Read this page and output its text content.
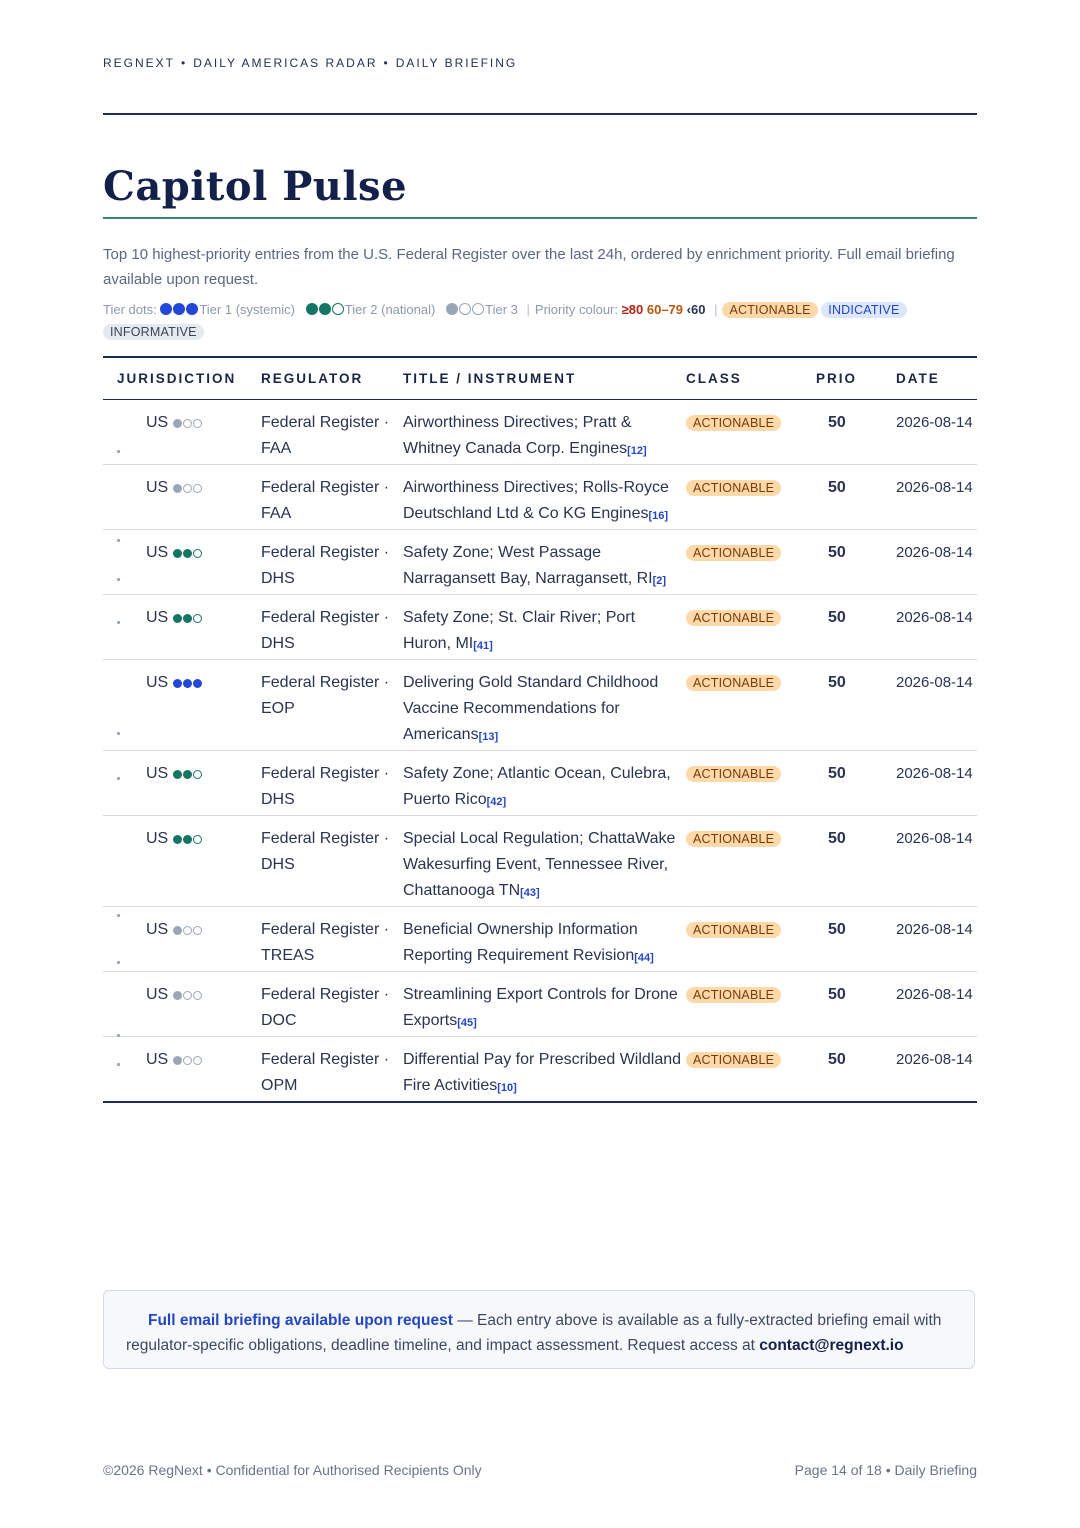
REGNEXT • DAILY AMERICAS RADAR • DAILY BRIEFING
Capitol Pulse
Top 10 highest-priority entries from the U.S. Federal Register over the last 24h, ordered by enrichment priority. Full email briefing available upon request.
Tier dots:	Tier 1 (systemic)	Tier 2 (national)	Tier 3 | Priority colour: ≥80 60–79 ‹60 | ACTIONABLE INDICATIVE
INFORMATIVE
JURISDICTION	REGULATOR	TITLE / INSTRUMENT	CLASS	PRIO	DATE

US	Federal Register · FAA	Airworthiness Directives; Pratt & Whitney Canada Corp. Engines[12]	ACTIONABLE	50	2026-08-14

US	Federal Register · FAA	Airworthiness Directives; Rolls-Royce Deutschland Ltd & Co KG Engines[16]	ACTIONABLE	50	2026-08-14

US	Federal Register · DHS	Safety Zone; West Passage Narragansett Bay, Narragansett, RI[2]	ACTIONABLE	50	2026-08-14

US	Federal Register · DHS	Safety Zone; St. Clair River; Port Huron, MI[41]	ACTIONABLE	50	2026-08-14

US	Federal Register · EOP	Delivering Gold Standard Childhood Vaccine Recommendations for Americans[13]	ACTIONABLE	50	2026-08-14

US	Federal Register · DHS	Safety Zone; Atlantic Ocean, Culebra, Puerto Rico[42]	ACTIONABLE	50	2026-08-14

US	Federal Register · DHS	Special Local Regulation; ChattaWake Wakesurfing Event, Tennessee River, Chattanooga TN[43]	ACTIONABLE	50	2026-08-14

US	Federal Register · TREAS	Beneficial Ownership Information Reporting Requirement Revision[44]	ACTIONABLE	50	2026-08-14

US	Federal Register · DOC	Streamlining Export Controls for Drone Exports[45]	ACTIONABLE	50	2026-08-14

US	Federal Register · OPM	Differential Pay for Prescribed Wildland Fire Activities[10]	ACTIONABLE	50	2026-08-14
Full email briefing available upon request — Each entry above is available as a fully-extracted briefing email with regulator-specific obligations, deadline timeline, and impact assessment. Request access at contact@regnext.io
©2026 RegNext • Confidential for Authorised Recipients Only	Page 14 of 18 • Daily Briefing
